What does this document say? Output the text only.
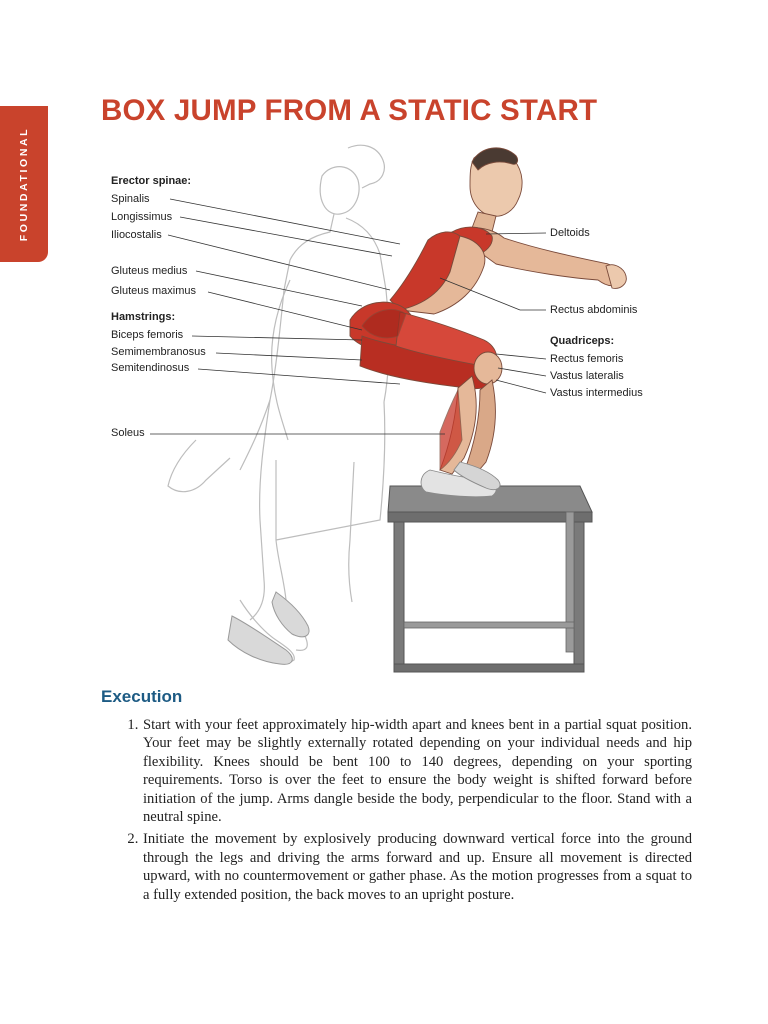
FOUNDATIONAL
BOX JUMP FROM A STATIC START
Erector spinae:
Spinalis
Longissimus
Iliocostalis
Gluteus medius
Gluteus maximus
Hamstrings:
Biceps femoris
Semimembranosus
Semitendinosus
Soleus
Deltoids
Rectus abdominis
Quadriceps:
Rectus femoris
Vastus lateralis
Vastus intermedius
Execution
1. Start with your feet approximately hip-width apart and knees bent in a partial squat position. Your feet may be slightly externally rotated depending on your individual needs and hip flexibility. Knees should be bent 100 to 140 degrees, depending on your sporting requirements. Torso is over the feet to ensure the body weight is shifted forward before initiation of the jump. Arms dangle beside the body, perpendicular to the floor. Stand with a neutral spine.
2. Initiate the movement by explosively producing downward vertical force into the ground through the legs and driving the arms forward and up. Ensure all movement is directed upward, with no countermovement or gather phase. As the motion progresses from a squat to a fully extended position, the back moves to an upright posture.
